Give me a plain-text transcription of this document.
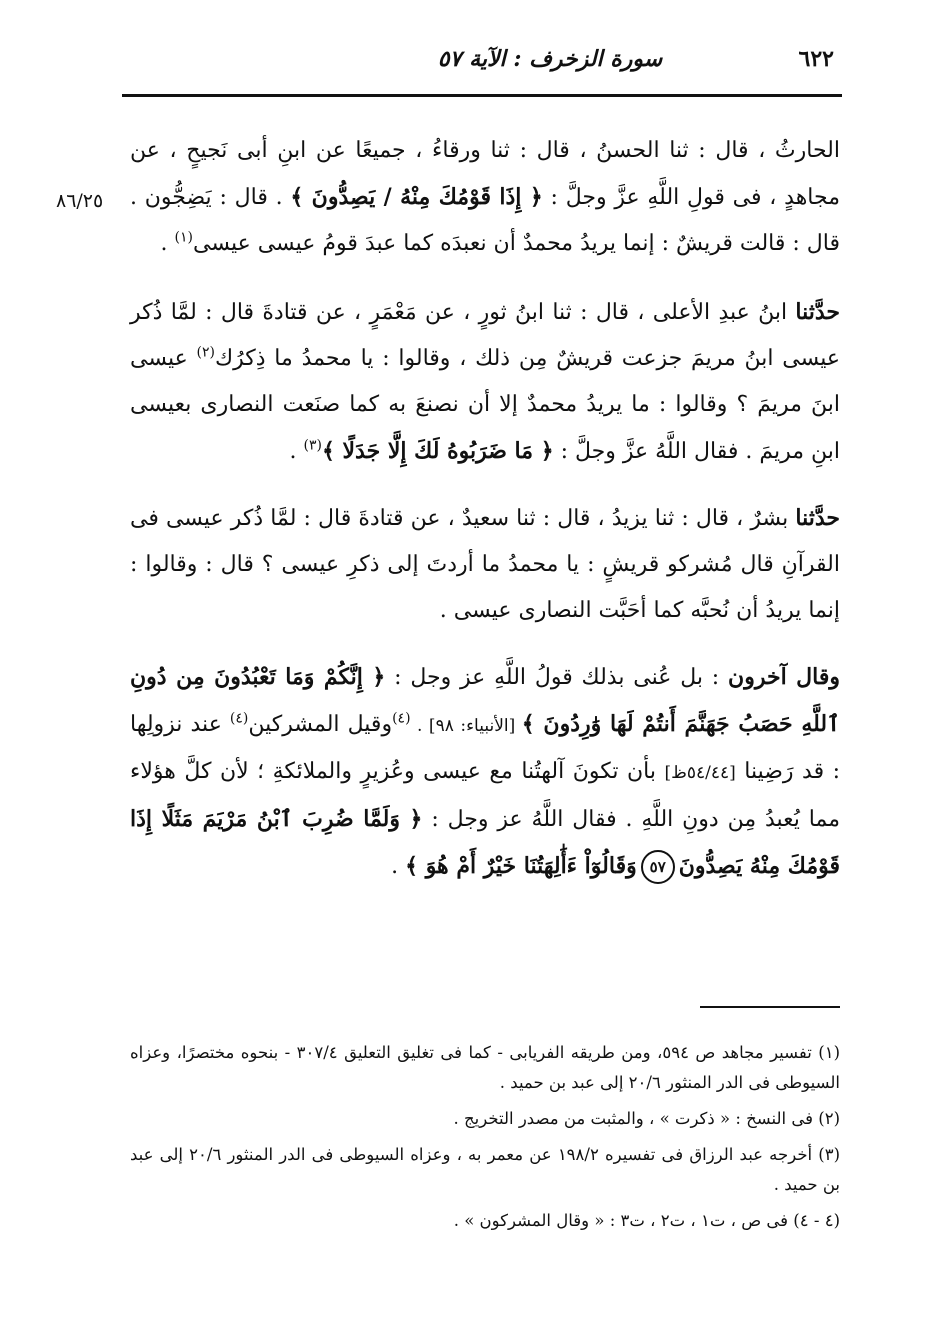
٦٢٢
سورة الزخرف : الآية ٥٧
٨٦/٢٥

الحارثُ ، قال : ثنا الحسنُ ، قال : ثنا ورقاءُ ، جميعًا عن ابنِ أبى نَجيحٍ ، عن مجاهدٍ ، فى قولِ اللَّهِ عزَّ وجلَّ : ﴿ إِذَا قَوْمُكَ مِنْهُ / يَصِدُّونَ ﴾ . قال : يَضِجُّون . قال : قالت قريشٌ : إنما يريدُ محمدٌ أن نعبدَه كما عبدَ قومُ عيسى عيسى$^{(١)}$ .

حدَّثنا ابنُ عبدِ الأعلى ، قال : ثنا ابنُ ثورٍ ، عن مَعْمَرٍ ، عن قتادةَ قال : لمَّا ذُكر عيسى ابنُ مريمَ جزعت قريشٌ مِن ذلك ، وقالوا : يا محمدُ ما ذِكرُك$^{(٢)}$ عيسى ابنَ مريمَ ؟ وقالوا : ما يريدُ محمدٌ إلا أن نصنعَ به كما صنَعت النصارى بعيسى ابنِ مريمَ . فقال اللَّهُ عزَّ وجلَّ : ﴿ مَا ضَرَبُوهُ لَكَ إِلَّا جَدَلًا ﴾$^{(٣)}$ .

حدَّثنا بشرٌ ، قال : ثنا يزيدُ ، قال : ثنا سعيدٌ ، عن قتادةَ قال : لمَّا ذُكر عيسى فى القرآنِ قال مُشركو قريشٍ : يا محمدُ ما أردتَ إلى ذكرِ عيسى ؟ قال : وقالوا : إنما يريدُ أن نُحبَّه كما أحَبَّت النصارى عيسى .

وقال آخرون : بل عُنى بذلك قولُ اللَّهِ عز وجل : ﴿ إِنَّكُمْ وَمَا تَعْبُدُونَ مِن دُونِ ٱللَّهِ حَصَبُ جَهَنَّمَ أَنتُمْ لَهَا وَٰرِدُونَ ﴾ [الأنبياء: ٩٨] . $^{(٤)}$وقيل المشركين$^{(٤)}$ عند نزولِها : قد رَضِينا [٥٤/٤٤ظ] بأن تكونَ آلهتُنا مع عيسى وعُزيرٍ والملائكةِ ؛ لأن كلَّ هؤلاء مما يُعبدُ مِن دونِ اللَّهِ . فقال اللَّهُ عز وجل : ﴿ وَلَمَّا ضُرِبَ ٱبْنُ مَرْيَمَ مَثَلًا إِذَا قَوْمُكَ مِنْهُ يَصِدُّونَ٥٧وَقَالُوٓاْ ءَأَٰلِهَتُنَا خَيْرٌ أَمْ هُوَ ﴾ .

(١) تفسير مجاهد ص ٥٩٤، ومن طريقه الفريابى - كما فى تغليق التعليق ٣٠٧/٤ - بنحوه مختصرًا، وعزاه السيوطى فى الدر المنثور ٢٠/٦ إلى عبد بن حميد .

(٢) فى النسخ : « ذكرت » ، والمثبت من مصدر التخريج .

(٣) أخرجه عبد الرزاق فى تفسيره ١٩٨/٢ عن معمر به ، وعزاه السيوطى فى الدر المنثور ٢٠/٦ إلى عبد بن حميد .

(٤ - ٤) فى ص ، ت١ ، ت٢ ، ت٣ : « وقال المشركون » .
